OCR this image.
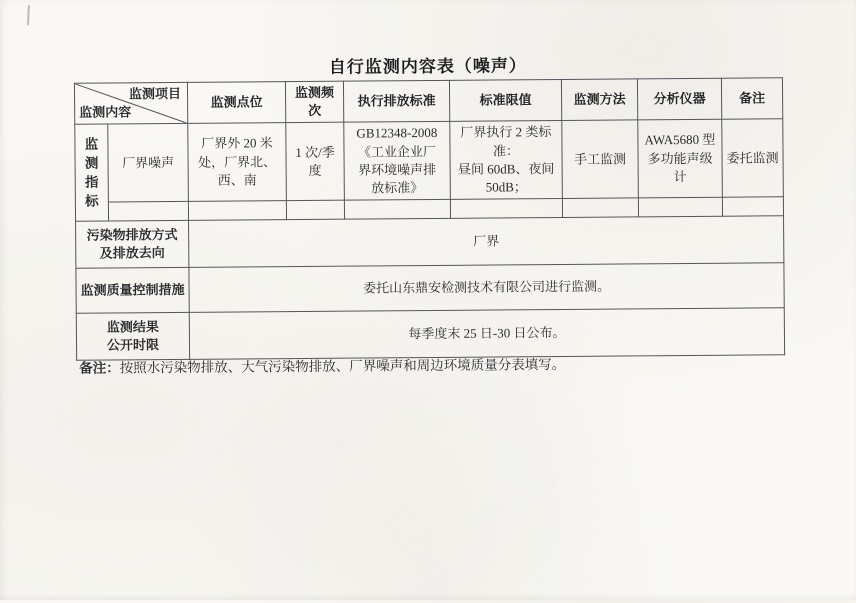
自行监测内容表（噪声）
监测项目
监测内容		监测点位	监测频次	执行排放标准	标准限值	监测方法	分析仪器	备注
监测指标	厂界噪声	厂界外 20 米
处，厂界北、
西、南	1 次/季度	GB12348-2008
《工业企业厂
界环境噪声排
放标准》	厂界执行 2 类标准：
昼间 60dB、夜间
50dB；	手工监测	AWA5680 型
多功能声级计	委托监测

污染物排放方式
及排放去向		厂界						
监测质量控制措施		委托山东鼎安检测技术有限公司进行监测。						
监测结果
公开时限		每季度末 25 日-30 日公布。						
备注：按照水污染物排放、大气污染物排放、厂界噪声和周边环境质量分表填写。
